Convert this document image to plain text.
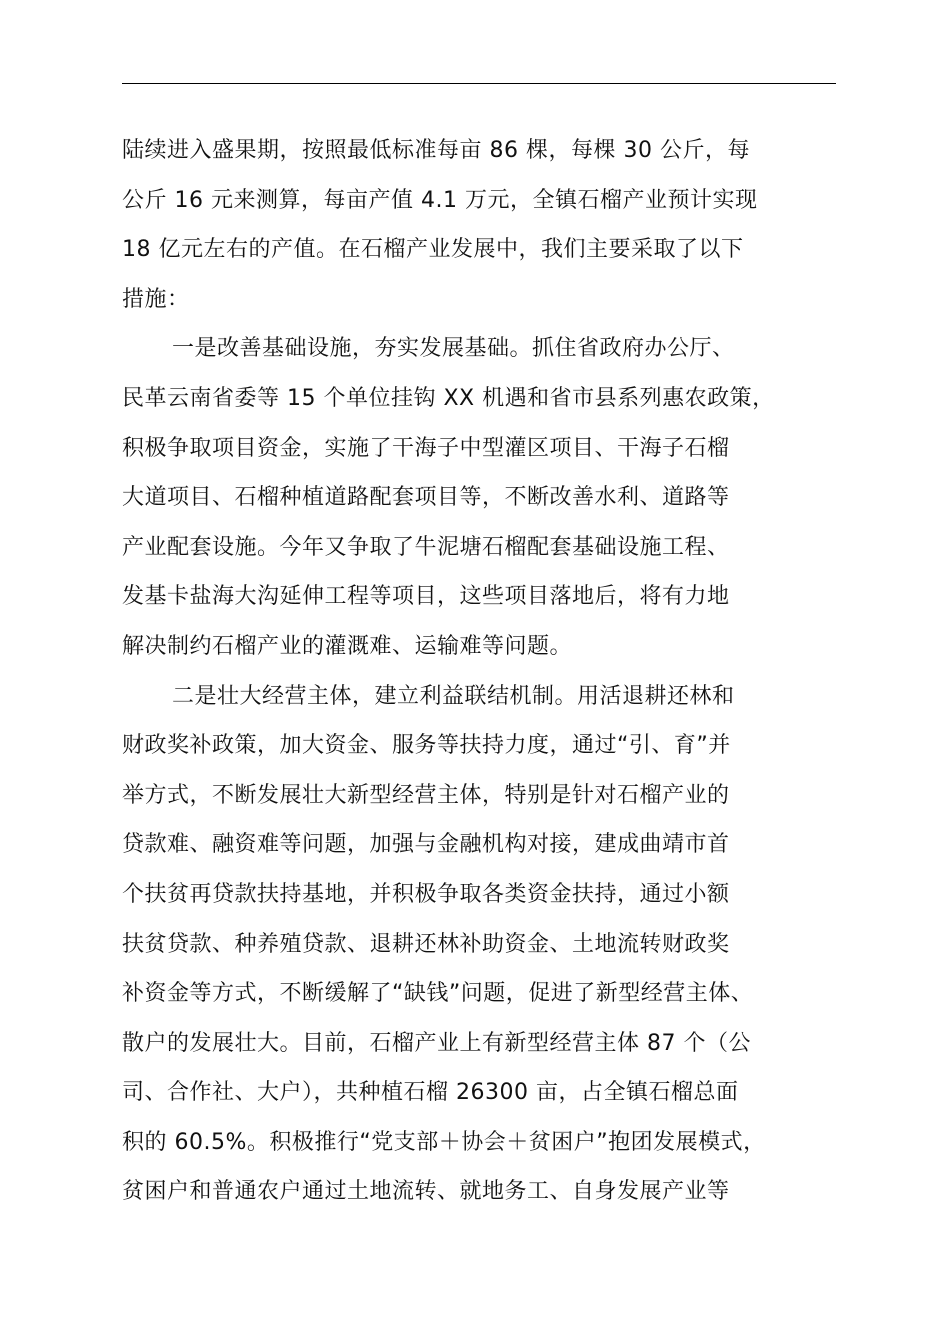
陆续进入盛果期，按照最低标准每亩 86 棵，每棵 30 公斤，每
公斤 16 元来测算，每亩产值 4.1 万元，全镇石榴产业预计实现
18 亿元左右的产值。在石榴产业发展中，我们主要采取了以下
措施：
一是改善基础设施，夯实发展基础。抓住省政府办公厅、
民革云南省委等 15 个单位挂钩 XX 机遇和省市县系列惠农政策，
积极争取项目资金，实施了干海子中型灌区项目、干海子石榴
大道项目、石榴种植道路配套项目等，不断改善水利、道路等
产业配套设施。今年又争取了牛泥塘石榴配套基础设施工程、
发基卡盐海大沟延伸工程等项目，这些项目落地后，将有力地
解决制约石榴产业的灌溉难、运输难等问题。
二是壮大经营主体，建立利益联结机制。用活退耕还林和
财政奖补政策，加大资金、服务等扶持力度，通过“引、育”并
举方式，不断发展壮大新型经营主体，特别是针对石榴产业的
贷款难、融资难等问题，加强与金融机构对接，建成曲靖市首
个扶贫再贷款扶持基地，并积极争取各类资金扶持，通过小额
扶贫贷款、种养殖贷款、退耕还林补助资金、土地流转财政奖
补资金等方式，不断缓解了“缺钱”问题，促进了新型经营主体、
散户的发展壮大。目前，石榴产业上有新型经营主体 87 个（公
司、合作社、大户），共种植石榴 26300 亩，占全镇石榴总面
积的 60.5%。积极推行“党支部＋协会＋贫困户”抱团发展模式，
贫困户和普通农户通过土地流转、就地务工、自身发展产业等
